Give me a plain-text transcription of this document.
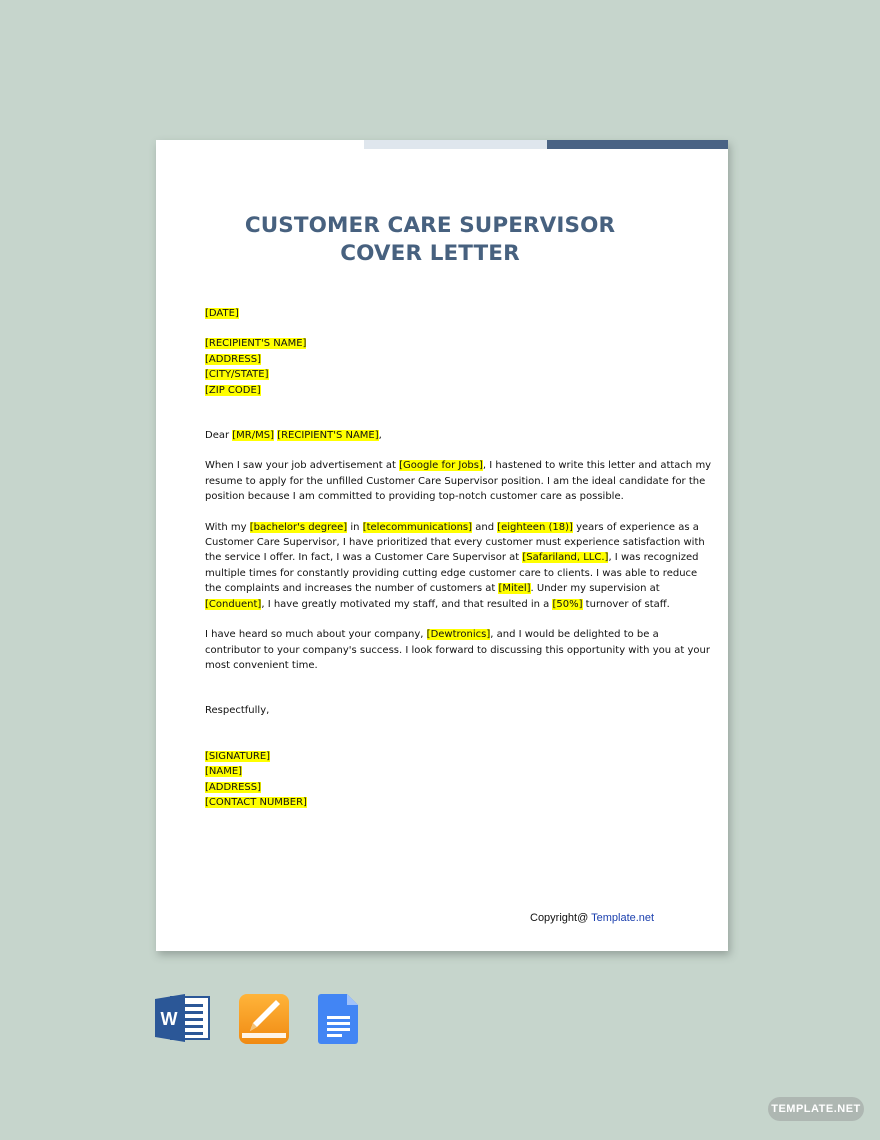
CUSTOMER CARE SUPERVISOR
COVER LETTER
[DATE]
[RECIPIENT'S NAME]
[ADDRESS]
[CITY/STATE]
[ZIP CODE]
Dear [MR/MS] [RECIPIENT'S NAME],
When I saw your job advertisement at [Google for Jobs], I hastened to write this letter and attach my
resume to apply for the unfilled Customer Care Supervisor position. I am the ideal candidate for the
position because I am committed to providing top-notch customer care as possible.
With my [bachelor's degree] in [telecommunications] and [eighteen (18)] years of experience as a
Customer Care Supervisor, I have prioritized that every customer must experience satisfaction with
the service I offer. In fact, I was a Customer Care Supervisor at [Safariland, LLC.], I was recognized
multiple times for constantly providing cutting edge customer care to clients. I was able to reduce
the complaints and increases the number of customers at [Mitel]. Under my supervision at
[Conduent], I have greatly motivated my staff, and that resulted in a [50%] turnover of staff.
I have heard so much about your company, [Dewtronics], and I would be delighted to be a
contributor to your company's success. I look forward to discussing this opportunity with you at your
most convenient time.
Respectfully,
[SIGNATURE]
[NAME]
[ADDRESS]
[CONTACT NUMBER]
Copyright@ Template.net
W
TEMPLATE.NET
